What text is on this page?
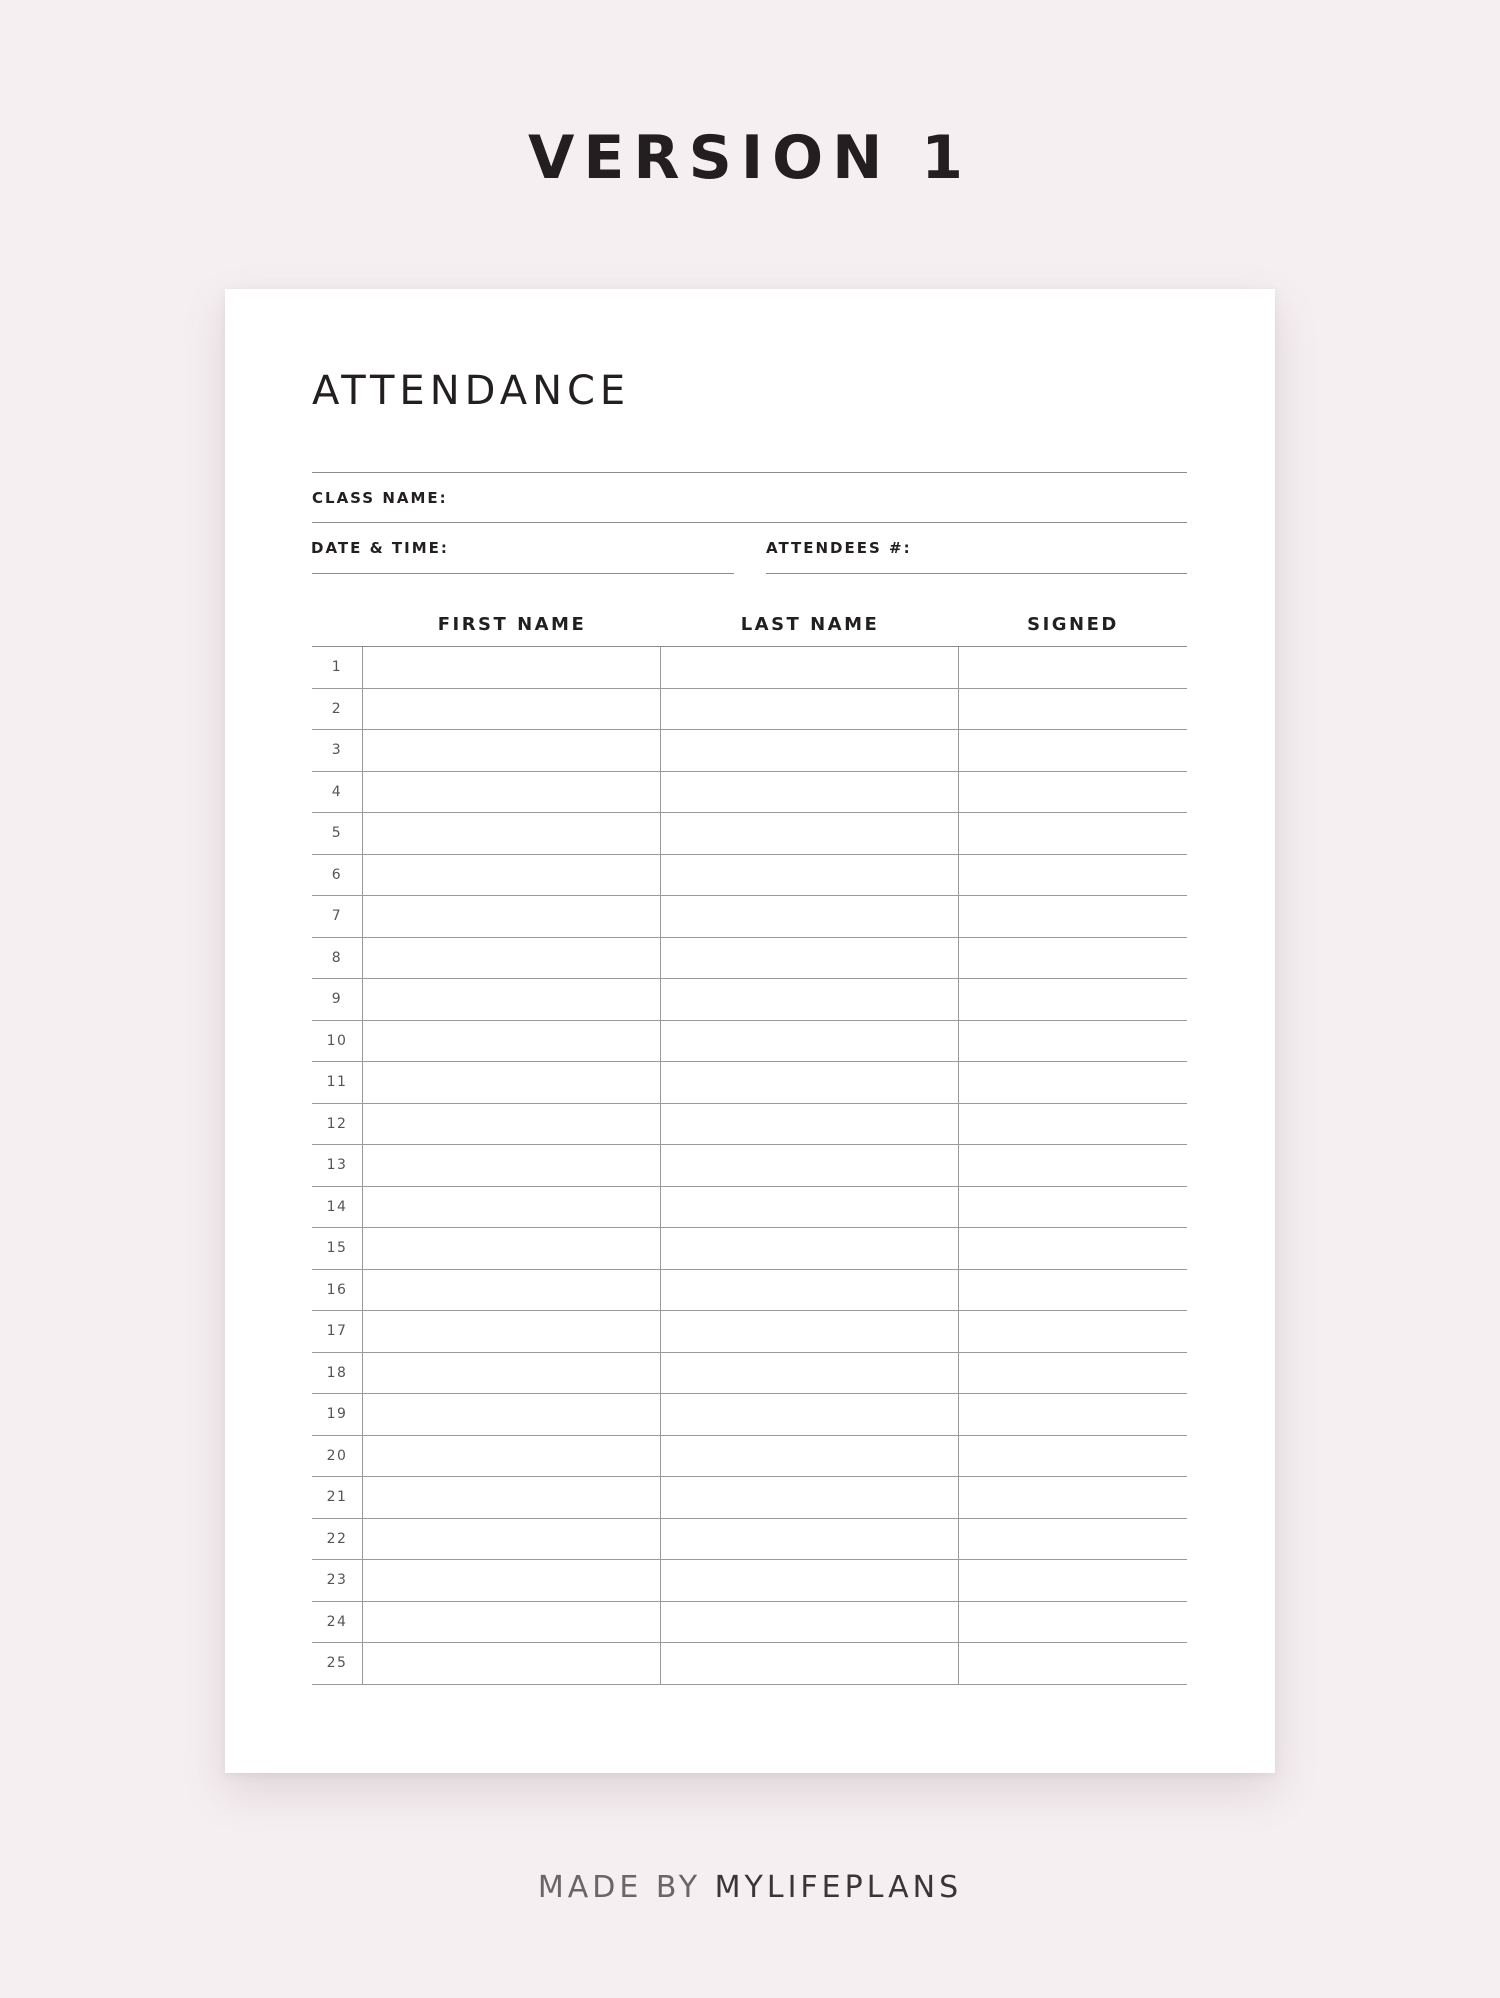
VERSION 1
ATTENDANCE
CLASS NAME:
DATE & TIME:	ATTENDEES #:
FIRST NAME	LAST NAME	SIGNED
1
2
3
4
5
6
7
8
9
10
11
12
13
14
15
16
17
18
19
20
21
22
23
24
25
MADE BY MYLIFEPLANS
